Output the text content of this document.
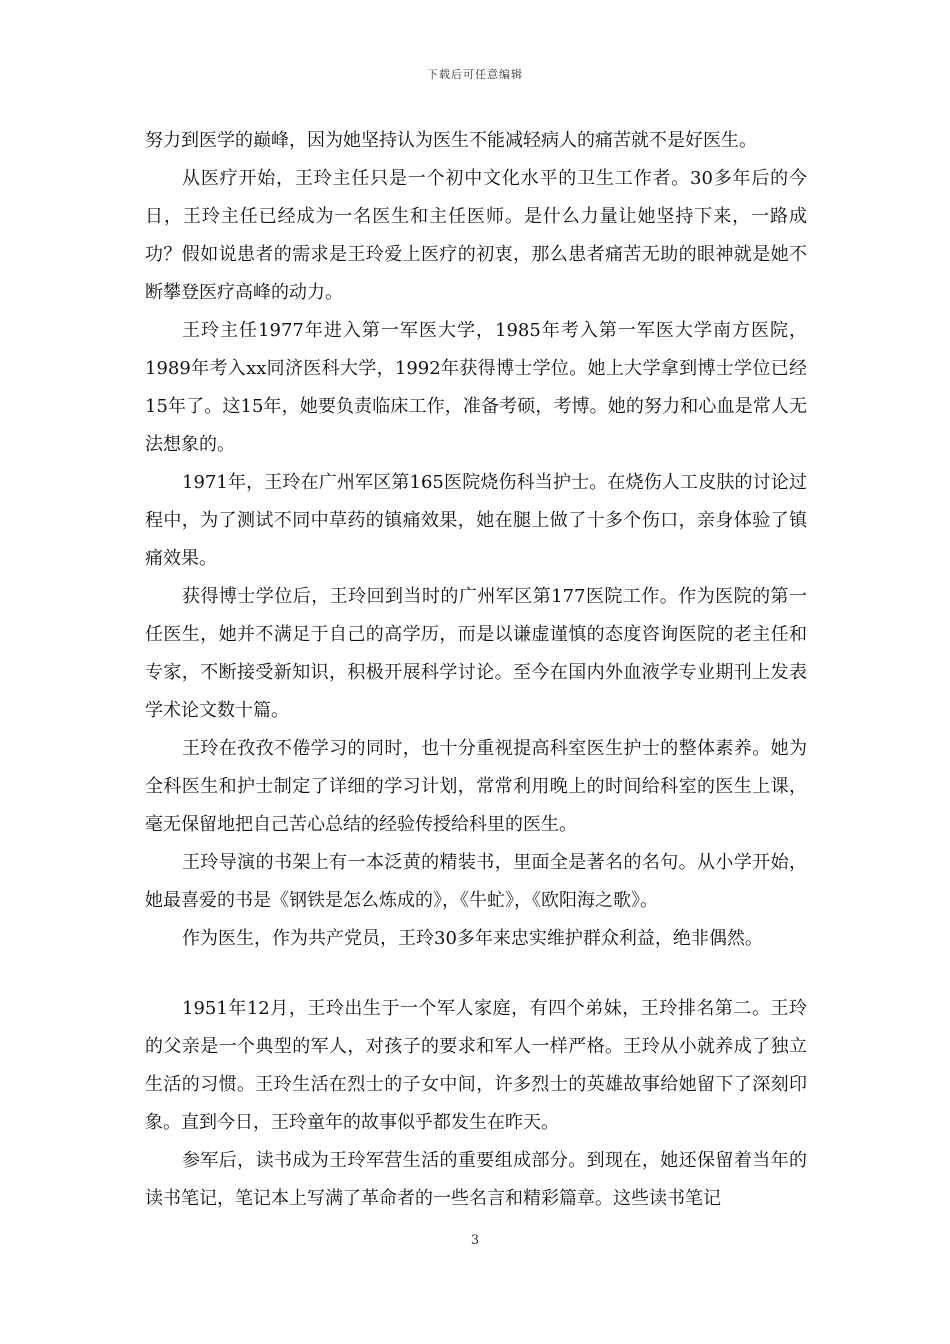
下载后可任意编辑

努力到医学的巅峰，因为她坚持认为医生不能减轻病人的痛苦就不是好医生。

从医疗开始，王玲主任只是一个初中文化水平的卫生工作者。30多年后的今日，王玲主任已经成为一名医生和主任医师。是什么力量让她坚持下来，一路成功？假如说患者的需求是王玲爱上医疗的初衷，那么患者痛苦无助的眼神就是她不断攀登医疗高峰的动力。

王玲主任1977年进入第一军医大学，1985年考入第一军医大学南方医院，1989年考入xx同济医科大学，1992年获得博士学位。她上大学拿到博士学位已经15年了。这15年，她要负责临床工作，准备考硕，考博。她的努力和心血是常人无法想象的。

1971年，王玲在广州军区第165医院烧伤科当护士。在烧伤人工皮肤的讨论过程中，为了测试不同中草药的镇痛效果，她在腿上做了十多个伤口，亲身体验了镇痛效果。

获得博士学位后，王玲回到当时的广州军区第177医院工作。作为医院的第一任医生，她并不满足于自己的高学历，而是以谦虚谨慎的态度咨询医院的老主任和专家，不断接受新知识，积极开展科学讨论。至今在国内外血液学专业期刊上发表学术论文数十篇。

王玲在孜孜不倦学习的同时，也十分重视提高科室医生护士的整体素养。她为全科医生和护士制定了详细的学习计划，常常利用晚上的时间给科室的医生上课，毫无保留地把自己苦心总结的经验传授给科里的医生。

王玲导演的书架上有一本泛黄的精装书，里面全是著名的名句。从小学开始，她最喜爱的书是《钢铁是怎么炼成的》，《牛虻》，《欧阳海之歌》。

作为医生，作为共产党员，王玲30多年来忠实维护群众利益，绝非偶然。

1951年12月，王玲出生于一个军人家庭，有四个弟妹，王玲排名第二。王玲的父亲是一个典型的军人，对孩子的要求和军人一样严格。王玲从小就养成了独立生活的习惯。王玲生活在烈士的子女中间，许多烈士的英雄故事给她留下了深刻印象。直到今日，王玲童年的故事似乎都发生在昨天。

参军后，读书成为王玲军营生活的重要组成部分。到现在，她还保留着当年的读书笔记，笔记本上写满了革命者的一些名言和精彩篇章。这些读书笔记

3
